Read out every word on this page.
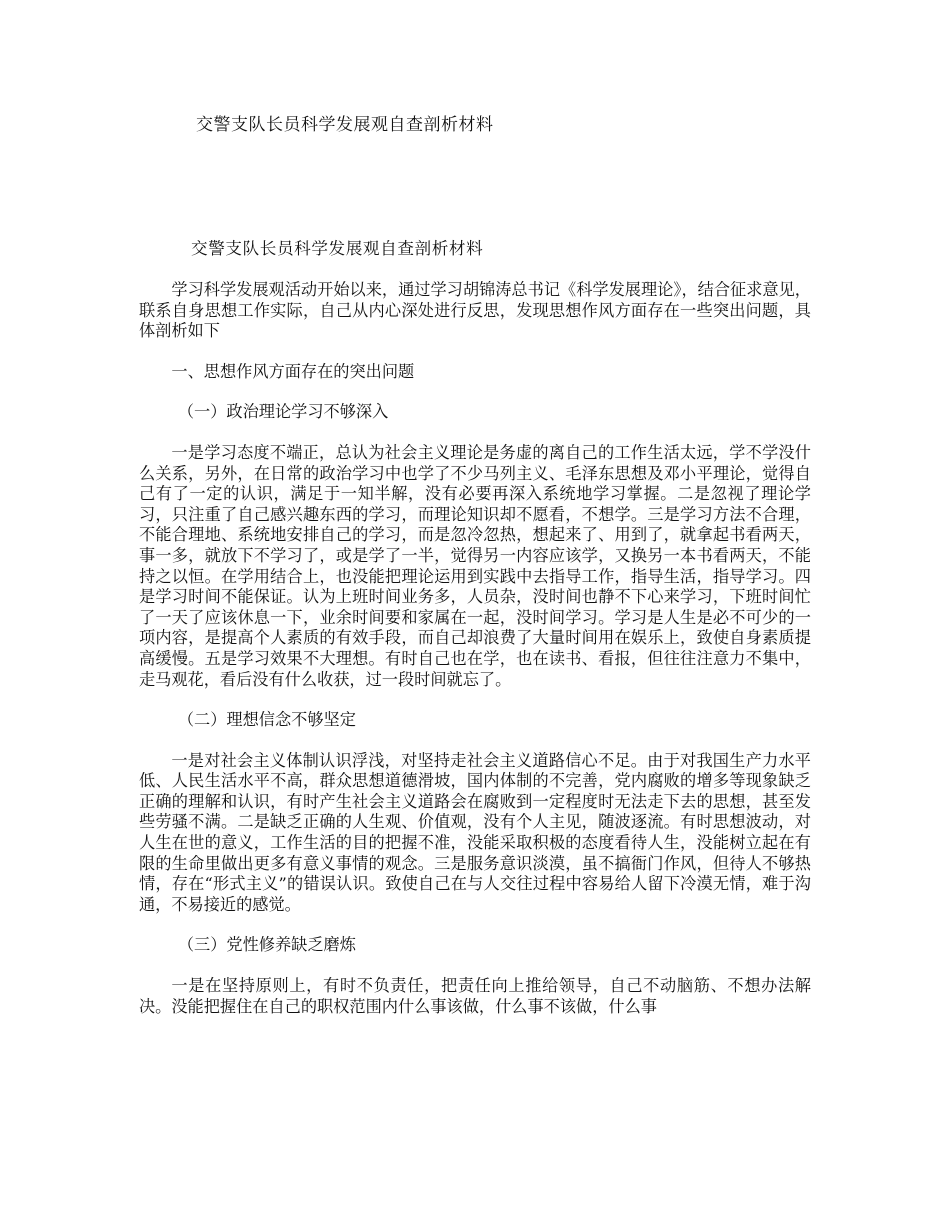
交警支队长员科学发展观自查剖析材料
交警支队长员科学发展观自查剖析材料

学习科学发展观活动开始以来，通过学习胡锦涛总书记《科学发展理论》，结合征求意见，联系自身思想工作实际，自己从内心深处进行反思，发现思想作风方面存在一些突出问题，具体剖析如下

一、思想作风方面存在的突出问题

（一）政治理论学习不够深入

一是学习态度不端正，总认为社会主义理论是务虚的离自己的工作生活太远，学不学没什么关系，另外，在日常的政治学习中也学了不少马列主义、毛泽东思想及邓小平理论，觉得自己有了一定的认识，满足于一知半解，没有必要再深入系统地学习掌握。二是忽视了理论学习，只注重了自己感兴趣东西的学习，而理论知识却不愿看，不想学。三是学习方法不合理，不能合理地、系统地安排自己的学习，而是忽冷忽热，想起来了、用到了，就拿起书看两天，事一多，就放下不学习了，或是学了一半，觉得另一内容应该学，又换另一本书看两天，不能持之以恒。在学用结合上，也没能把理论运用到实践中去指导工作，指导生活，指导学习。四是学习时间不能保证。认为上班时间业务多，人员杂，没时间也静不下心来学习，下班时间忙了一天了应该休息一下，业余时间要和家属在一起，没时间学习。学习是人生是必不可少的一项内容，是提高个人素质的有效手段，而自己却浪费了大量时间用在娱乐上，致使自身素质提高缓慢。五是学习效果不大理想。有时自己也在学，也在读书、看报，但往往注意力不集中，走马观花，看后没有什么收获，过一段时间就忘了。

（二）理想信念不够坚定

一是对社会主义体制认识浮浅，对坚持走社会主义道路信心不足。由于对我国生产力水平低、人民生活水平不高，群众思想道德滑坡，国内体制的不完善，党内腐败的增多等现象缺乏正确的理解和认识，有时产生社会主义道路会在腐败到一定程度时无法走下去的思想，甚至发些劳骚不满。二是缺乏正确的人生观、价值观，没有个人主见，随波逐流。有时思想波动，对人生在世的意义，工作生活的目的把握不准，没能采取积极的态度看待人生，没能树立起在有限的生命里做出更多有意义事情的观念。三是服务意识淡漠，虽不搞衙门作风，但待人不够热情，存在“形式主义”的错误认识。致使自己在与人交往过程中容易给人留下冷漠无情，难于沟通，不易接近的感觉。

（三）党性修养缺乏磨炼

一是在坚持原则上，有时不负责任，把责任向上推给领导，自己不动脑筋、不想办法解决。没能把握住在自己的职权范围内什么事该做，什么事不该做，什么事
